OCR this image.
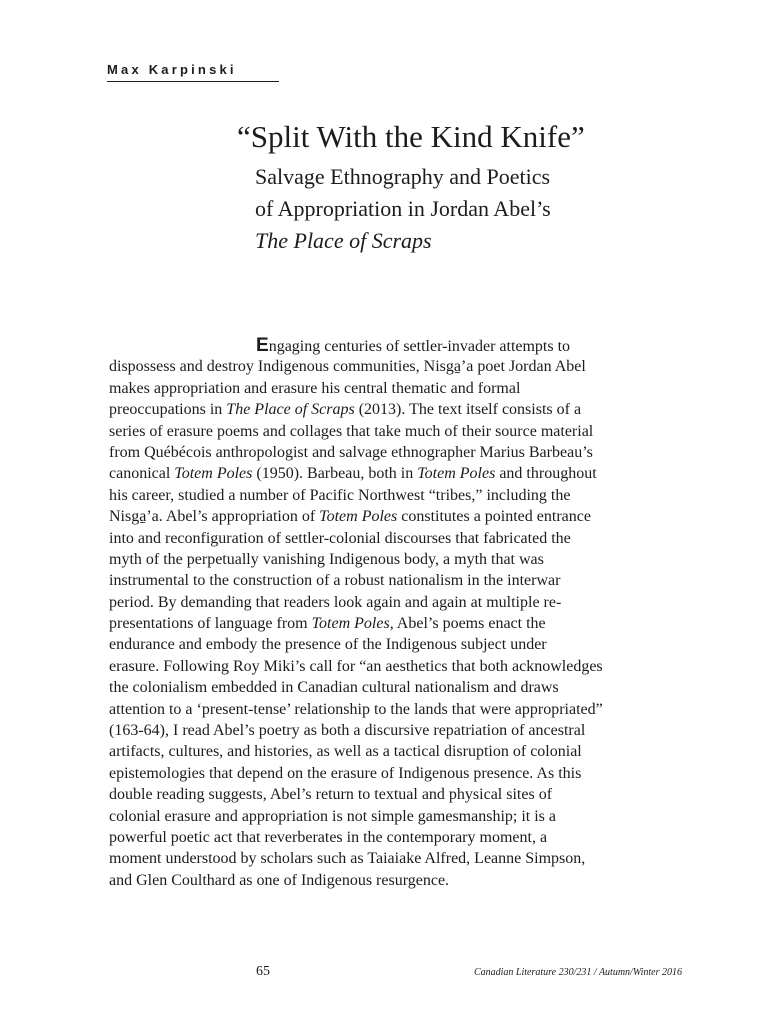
Max Karpinski
“Split With the Kind Knife”
Salvage Ethnography and Poetics
of Appropriation in Jordan Abel’s
The Place of Scraps
Engaging centuries of settler-invader attempts to
dispossess and destroy Indigenous communities, Nisga̱’a poet Jordan Abel
makes appropriation and erasure his central thematic and formal
preoccupations in The Place of Scraps (2013). The text itself consists of a
series of erasure poems and collages that take much of their source material
from Québécois anthropologist and salvage ethnographer Marius Barbeau’s
canonical Totem Poles (1950). Barbeau, both in Totem Poles and throughout
his career, studied a number of Pacific Northwest “tribes,” including the
Nisga̱’a. Abel’s appropriation of Totem Poles constitutes a pointed entrance
into and reconfiguration of settler-colonial discourses that fabricated the
myth of the perpetually vanishing Indigenous body, a myth that was
instrumental to the construction of a robust nationalism in the interwar
period. By demanding that readers look again and again at multiple re-
presentations of language from Totem Poles, Abel’s poems enact the
endurance and embody the presence of the Indigenous subject under
erasure. Following Roy Miki’s call for “an aesthetics that both acknowledges
the colonialism embedded in Canadian cultural nationalism and draws
attention to a ‘present-tense’ relationship to the lands that were appropriated”
(163-64), I read Abel’s poetry as both a discursive repatriation of ancestral
artifacts, cultures, and histories, as well as a tactical disruption of colonial
epistemologies that depend on the erasure of Indigenous presence. As this
double reading suggests, Abel’s return to textual and physical sites of
colonial erasure and appropriation is not simple gamesmanship; it is a
powerful poetic act that reverberates in the contemporary moment, a
moment understood by scholars such as Taiaiake Alfred, Leanne Simpson,
and Glen Coulthard as one of Indigenous resurgence.
65	Canadian Literature 230/231 / Autumn/Winter 2016
